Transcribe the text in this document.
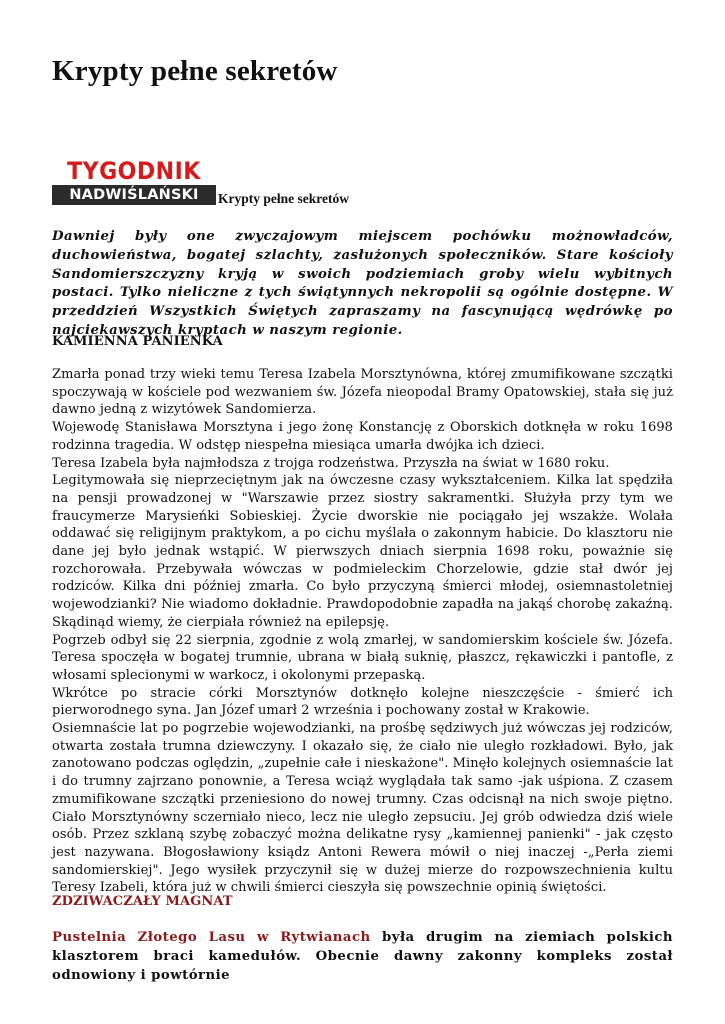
Krypty pełne sekretów
TYGODNIK
NADWIŚLAŃSKI	Krypty pełne sekretów

Dawniej były one zwyczajowym miejscem pochówku możnowładców, duchowieństwa, bogatej szlachty, zasłużonych społeczników. Stare kościoły Sandomierszczyzny kryją w swoich podziemiach groby wielu wybitnych postaci. Tylko nieliczne z tych świątynnych nekropolii są ogólnie dostępne. W przeddzień Wszystkich Świętych zapraszamy na fascynującą wędrówkę po najciekawszych kryptach w naszym regionie.

KAMIENNA PANIENKA

Zmarła ponad trzy wieki temu Teresa Izabela Morsztynówna, której zmumifikowane szczątki spoczywają w kościele pod wezwaniem św. Józefa nieopodal Bramy Opatowskiej, stała się już dawno jedną z wizytówek Sandomierza.

Wojewodę Stanisława Morsztyna i jego żonę Konstancję z Oborskich dotknęła w roku 1698 rodzinna tragedia. W odstęp niespełna miesiąca umarła dwójka ich dzieci.

Teresa Izabela była najmłodsza z trojga rodzeństwa. Przyszła na świat w 1680 roku.

Legitymowała się nieprzeciętnym jak na ówczesne czasy wykształceniem. Kilka lat spędziła na pensji prowadzonej w "Warszawie przez siostry sakramentki. Służyła przy tym we fraucymerze Marysieńki Sobieskiej. Życie dworskie nie pociągało jej wszakże. Wolała oddawać się religijnym praktykom, a po cichu myślała o zakonnym habicie. Do klasztoru nie dane jej było jednak wstąpić. W pierwszych dniach sierpnia 1698 roku, poważnie się rozchorowała. Przebywała wówczas w podmieleckim Chorzelowie, gdzie stał dwór jej rodziców. Kilka dni później zmarła. Co było przyczyną śmierci młodej, osiemnastoletniej wojewodzianki? Nie wiadomo dokładnie. Prawdopodobnie zapadła na jakąś chorobę zakaźną. Skądinąd wiemy, że cierpiała również na epilepsję.

Pogrzeb odbył się 22 sierpnia, zgodnie z wolą zmarłej, w sandomierskim kościele św. Józefa. Teresa spoczęła w bogatej trumnie, ubrana w białą suknię, płaszcz, rękawiczki i pantofle, z włosami splecionymi w warkocz, i okolonymi przepaską.

Wkrótce po stracie córki Morsztynów dotknęło kolejne nieszczęście - śmierć ich pierworodnego syna. Jan Józef umarł 2 września i pochowany został w Krakowie.

Osiemnaście lat po pogrzebie wojewodzianki, na prośbę sędziwych już wówczas jej rodziców, otwarta została trumna dziewczyny. I okazało się, że ciało nie uległo rozkładowi. Było, jak zanotowano podczas oględzin, „zupełnie całe i nieskażone". Minęło kolejnych osiemnaście lat i do trumny zajrzano ponownie, a Teresa wciąż wyglądała tak samo -jak uśpiona. Z czasem zmumifikowane szczątki przeniesiono do nowej trumny. Czas odcisnął na nich swoje piętno. Ciało Morsztynówny sczerniało nieco, lecz nie uległo zepsuciu. Jej grób odwiedza dziś wiele osób. Przez szklaną szybę zobaczyć można delikatne rysy „kamiennej panienki" - jak często jest nazywana. Błogosławiony ksiądz Antoni Rewera mówił o niej inaczej -„Perła ziemi sandomierskiej". Jego wysiłek przyczynił się w dużej mierze do rozpowszechnienia kultu Teresy Izabeli, która już w chwili śmierci cieszyła się powszechnie opinią świętości.

ZDZIWACZAŁY MAGNAT

Pustelnia Złotego Lasu w Rytwianach była drugim na ziemiach polskich klasztorem braci kamedułów. Obecnie dawny zakonny kompleks został odnowiony i powtórnie
